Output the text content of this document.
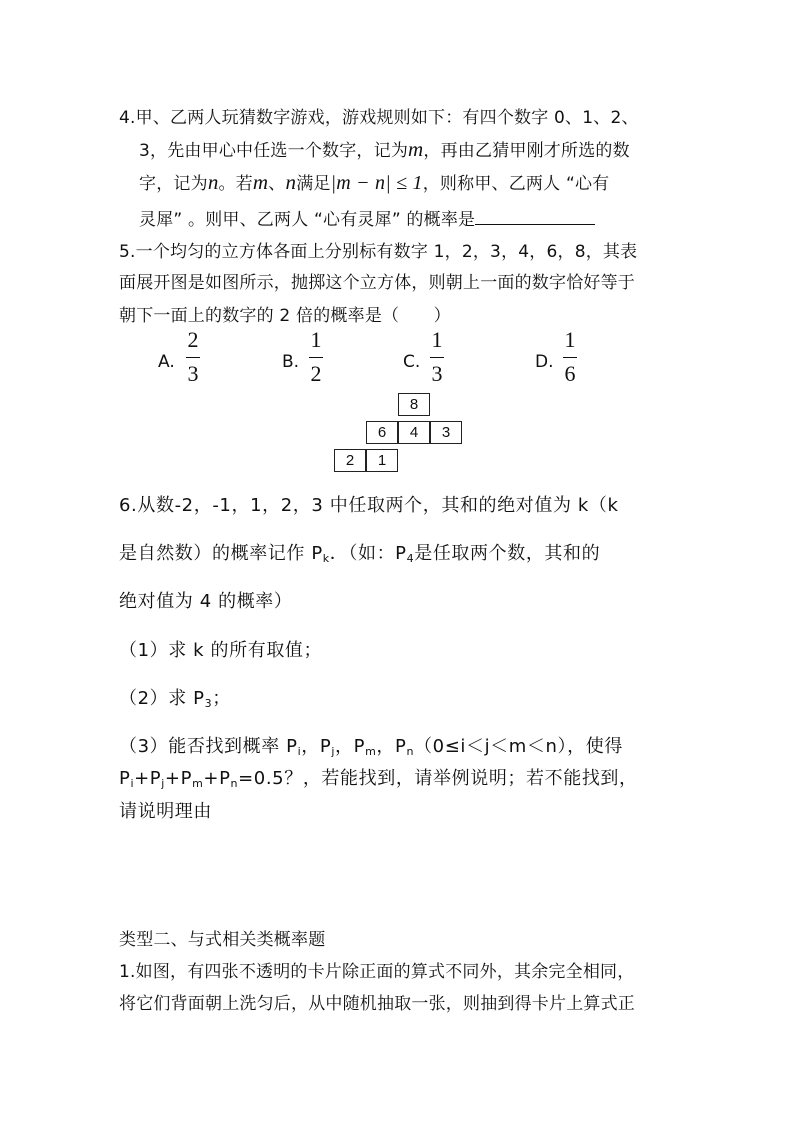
4.甲、乙两人玩猜数字游戏，游戏规则如下：有四个数字 0、1、2、
3，先由甲心中任选一个数字，记为m，再由乙猜甲刚才所选的数
字，记为n。若m、n满足|m − n| ≤ 1，则称甲、乙两人 “心有
灵犀” 。则甲、乙两人 “心有灵犀” 的概率是
5.一个均匀的立方体各面上分别标有数字 1，2，3，4，6，8，其表
面展开图是如图所示，抛掷这个立方体，则朝上一面的数字恰好等于
朝下一面上的数字的 2 倍的概率是（　　）
A.
2
3	B.
1
2	C.
1
3	D.
1
6
8
6	4	3
2	1
6.从数-2，-1，1，2，3 中任取两个，其和的绝对值为 k（k
是自然数）的概率记作 $P_k$．（如：$P_4$是任取两个数，其和的
绝对值为 4 的概率）
（1）求 k 的所有取值；
（2）求 $P_3$；
（3）能否找到概率 $P_i$，$P_j$，$P_m$，$P_n(0\le i<j<m<n)$，使得
$P_i+P_j+P_m+P_n=0.5$？，若能找到，请举例说明；若不能找到，
请说明理由
类型二、与式相关类概率题
1.如图，有四张不透明的卡片除正面的算式不同外，其余完全相同，
将它们背面朝上洗匀后，从中随机抽取一张，则抽到得卡片上算式正
